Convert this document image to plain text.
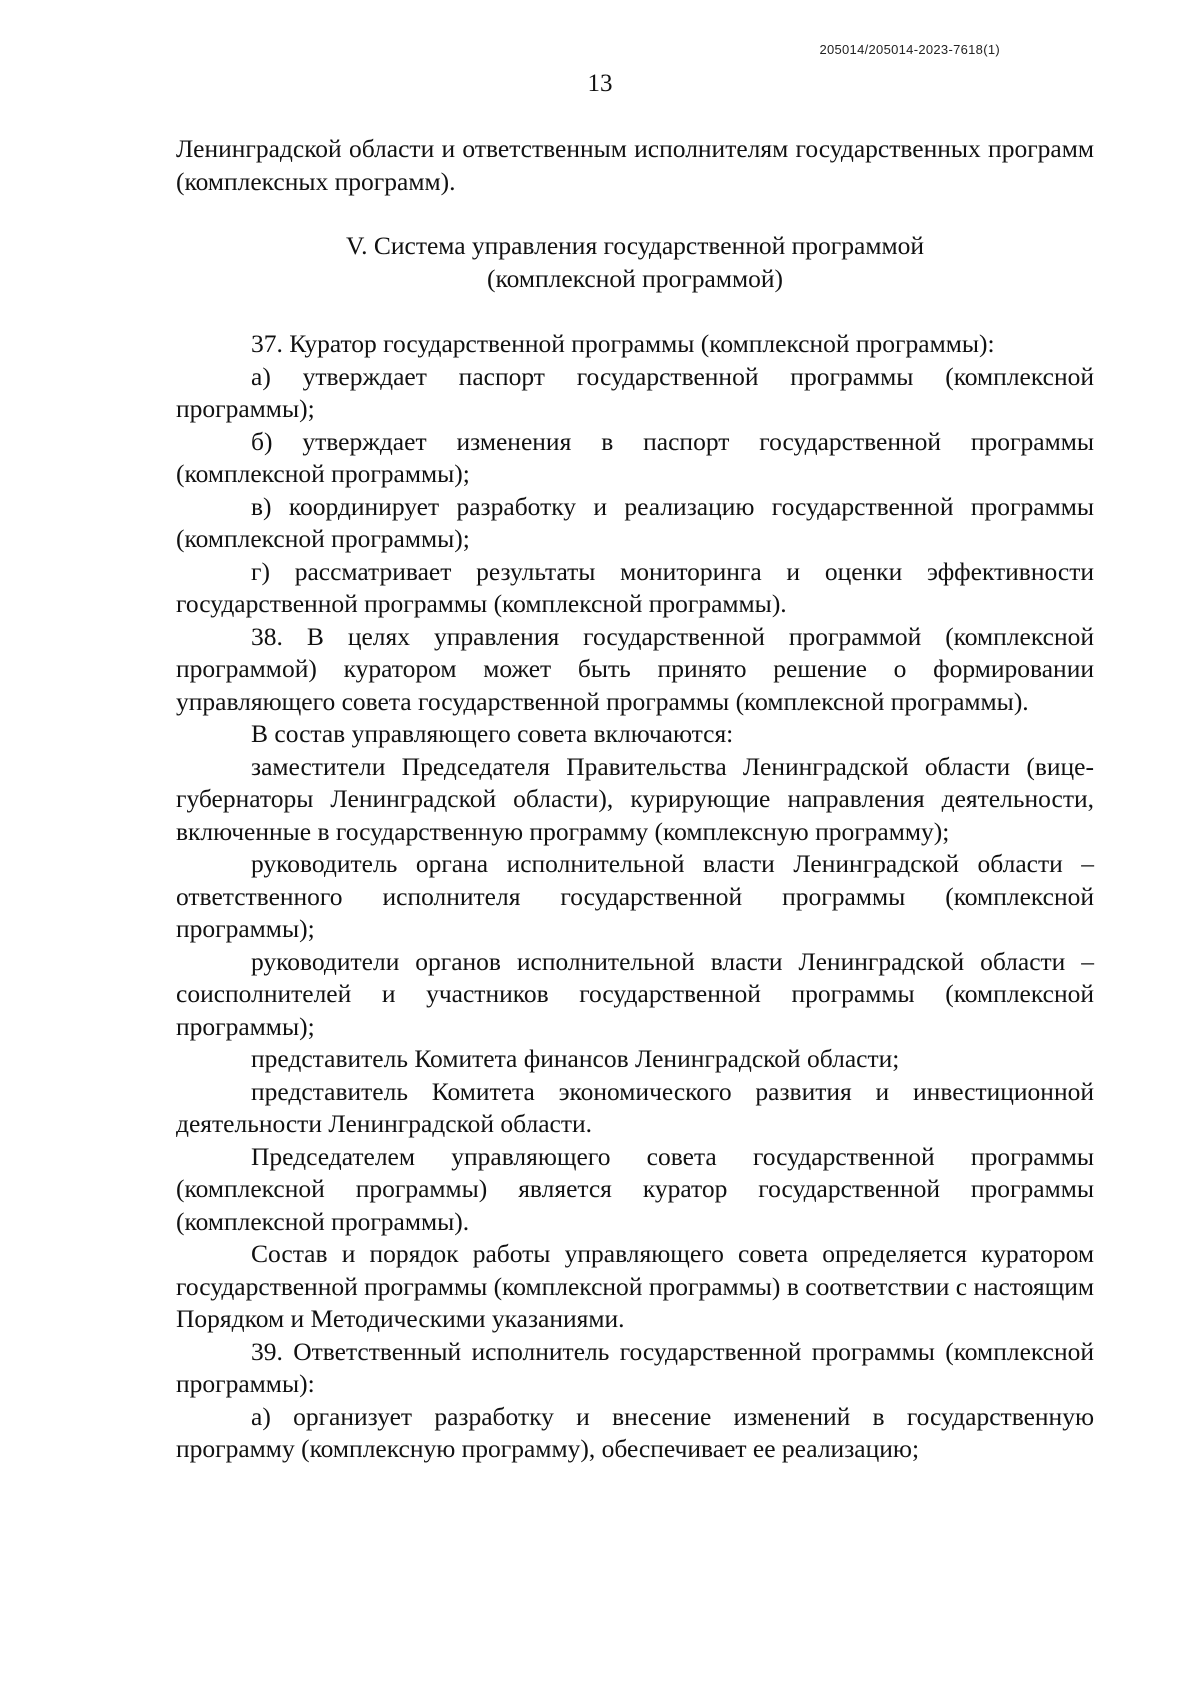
205014/205014-2023-7618(1)
13

Ленинградской области и ответственным исполнителям государственных программ (комплексных программ).

V. Система управления государственной программой
(комплексной программой)

37. Куратор государственной программы (комплексной программы):

а) утверждает паспорт государственной программы (комплексной программы);

б) утверждает изменения в паспорт государственной программы (комплексной программы);

в) координирует разработку и реализацию государственной программы (комплексной программы);

г) рассматривает результаты мониторинга и оценки эффективности государственной программы (комплексной программы).

38. В целях управления государственной программой (комплексной программой) куратором может быть принято решение о формировании управляющего совета государственной программы (комплексной программы).

В состав управляющего совета включаются:

заместители Председателя Правительства Ленинградской области (вице-губернаторы Ленинградской области), курирующие направления деятельности, включенные в государственную программу (комплексную программу);

руководитель органа исполнительной власти Ленинградской области – ответственного исполнителя государственной программы (комплексной программы);

руководители органов исполнительной власти Ленинградской области – соисполнителей и участников государственной программы (комплексной программы);

представитель Комитета финансов Ленинградской области;

представитель Комитета экономического развития и инвестиционной деятельности Ленинградской области.

Председателем управляющего совета государственной программы (комплексной программы) является куратор государственной программы (комплексной программы).

Состав и порядок работы управляющего совета определяется куратором государственной программы (комплексной программы) в соответствии с настоящим Порядком и Методическими указаниями.

39. Ответственный исполнитель государственной программы (комплексной программы):

а) организует разработку и внесение изменений в государственную программу (комплексную программу), обеспечивает ее реализацию;
